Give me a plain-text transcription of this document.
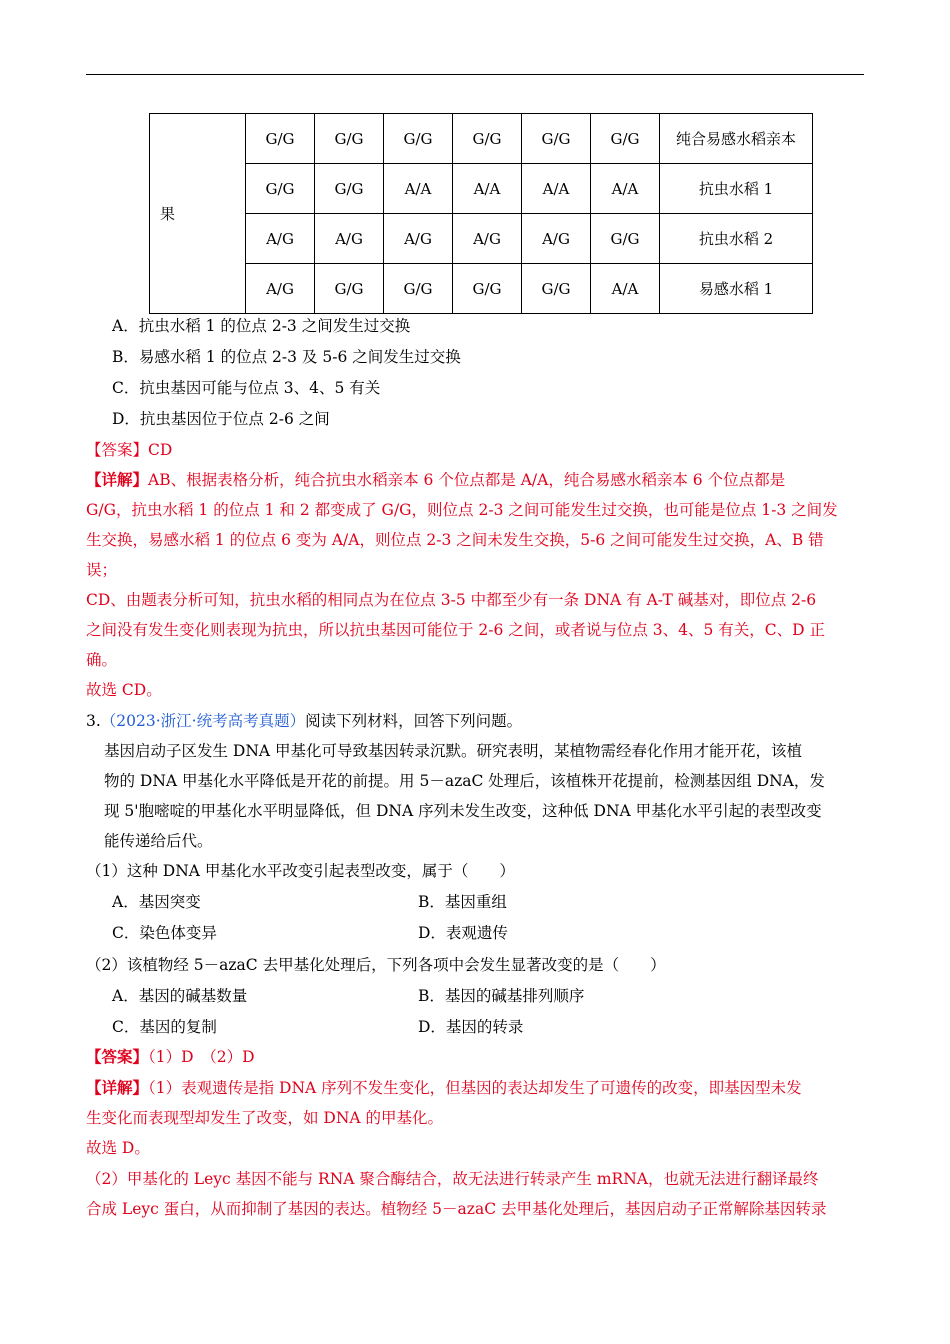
果	G/G	G/G	G/G	G/G	G/G	G/G	纯合易感水稻亲本
	G/G	G/G	A/A	A/A	A/A	A/A	抗虫水稻 1
	A/G	A/G	A/G	A/G	A/G	G/G	抗虫水稻 2
	A/G	G/G	G/G	G/G	G/G	A/A	易感水稻 1
A．抗虫水稻 1 的位点 2-3 之间发生过交换
B．易感水稻 1 的位点 2-3 及 5-6 之间发生过交换
C．抗虫基因可能与位点 3、4、5 有关
D．抗虫基因位于位点 2-6 之间
【答案】CD
【详解】AB、根据表格分析，纯合抗虫水稻亲本 6 个位点都是 A/A，纯合易感水稻亲本 6 个位点都是
G/G，抗虫水稻 1 的位点 1 和 2 都变成了 G/G，则位点 2-3 之间可能发生过交换，也可能是位点 1-3 之间发
生交换，易感水稻 1 的位点 6 变为 A/A，则位点 2-3 之间未发生交换，5-6 之间可能发生过交换，A、B 错
误；
CD、由题表分析可知，抗虫水稻的相同点为在位点 3-5 中都至少有一条 DNA 有 A-T 碱基对，即位点 2-6
之间没有发生变化则表现为抗虫，所以抗虫基因可能位于 2-6 之间，或者说与位点 3、4、5 有关，C、D 正
确。
故选 CD。
3.（2023·浙江·统考高考真题）阅读下列材料，回答下列问题。
基因启动子区发生 DNA 甲基化可导致基因转录沉默。研究表明，某植物需经春化作用才能开花，该植
物的 DNA 甲基化水平降低是开花的前提。用 5－azaC 处理后，该植株开花提前，检测基因组 DNA，发
现 5'胞嘧啶的甲基化水平明显降低，但 DNA 序列未发生改变，这种低 DNA 甲基化水平引起的表型改变
能传递给后代。
（1）这种 DNA 甲基化水平改变引起表型改变，属于（　　）
A．基因突变	B．基因重组
C．染色体变异	D．表观遗传
（2）该植物经 5－azaC 去甲基化处理后，下列各项中会发生显著改变的是（　　）
A．基因的碱基数量	B．基因的碱基排列顺序
C．基因的复制	D．基因的转录
【答案】（1）D　（2）D
【详解】（1）表观遗传是指 DNA 序列不发生变化，但基因的表达却发生了可遗传的改变，即基因型未发
生变化而表现型却发生了改变，如 DNA 的甲基化。
故选 D。
（2）甲基化的 Leyc 基因不能与 RNA 聚合酶结合，故无法进行转录产生 mRNA，也就无法进行翻译最终
合成 Leyc 蛋白，从而抑制了基因的表达。植物经 5－azaC 去甲基化处理后，基因启动子正常解除基因转录
